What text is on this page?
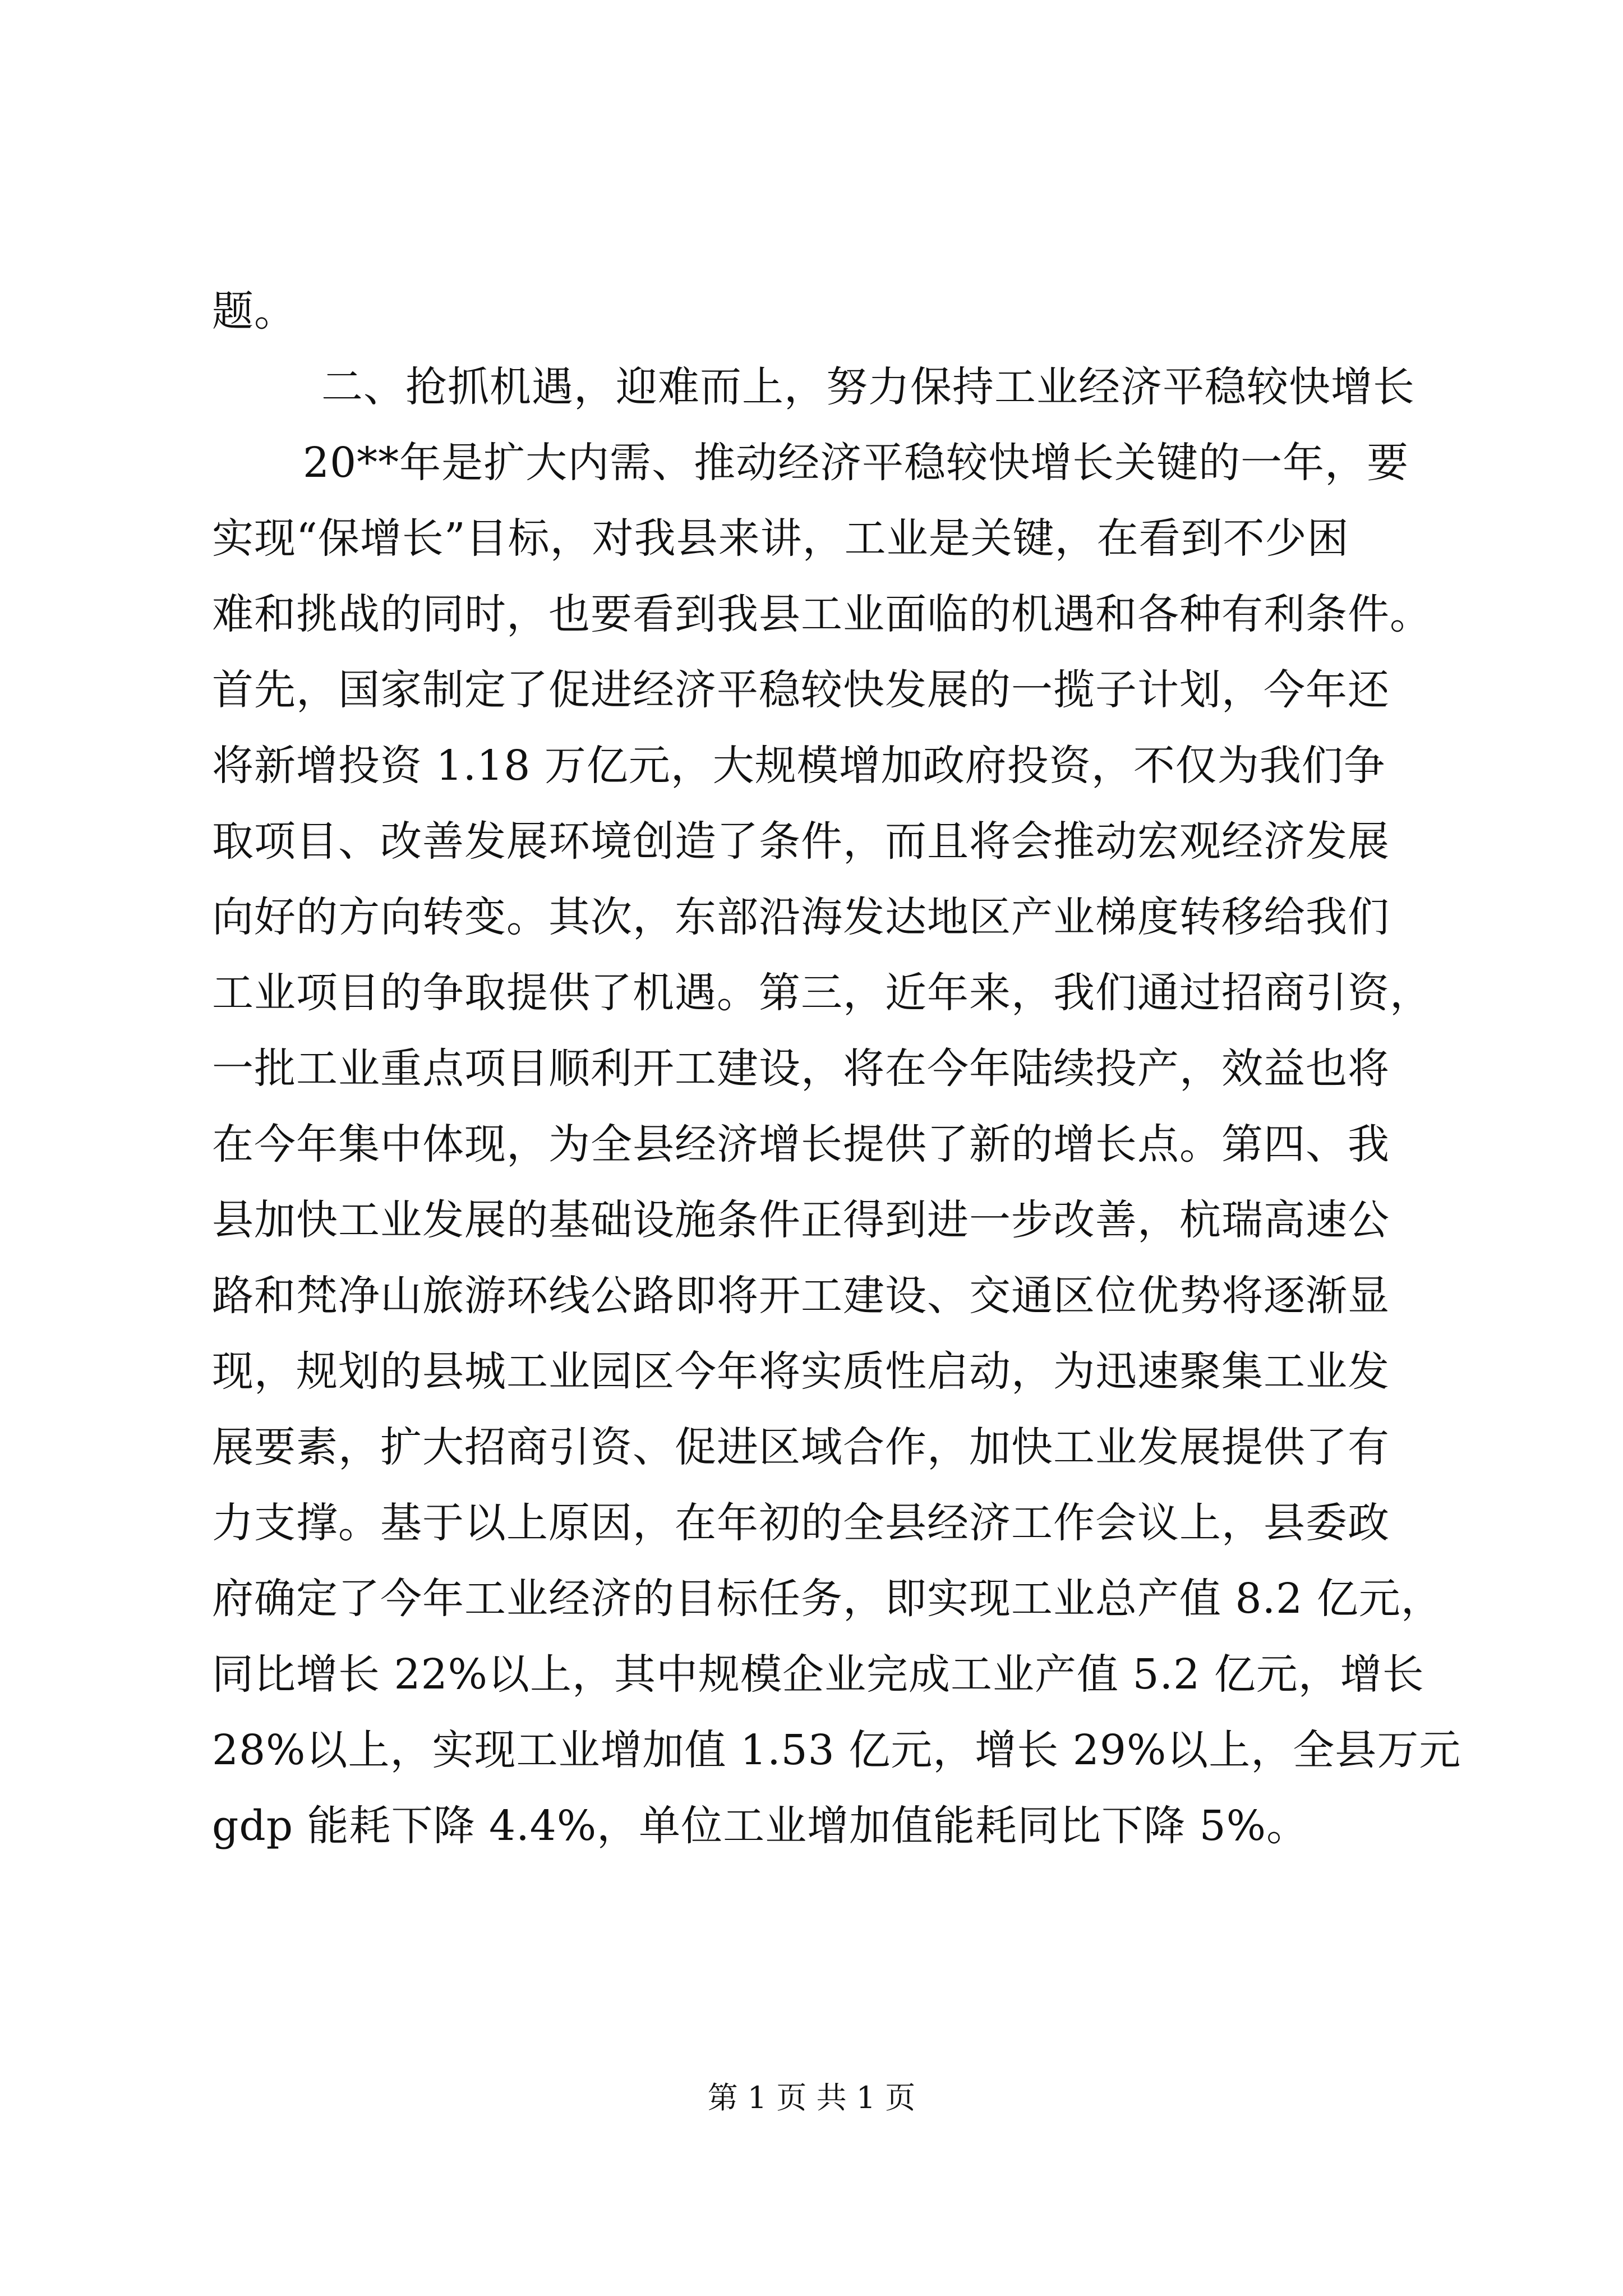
题。
二、抢抓机遇，迎难而上，努力保持工业经济平稳较快增长
20**年是扩大内需、推动经济平稳较快增长关键的一年，要
实现“保增长”目标，对我县来讲，工业是关键，在看到不少困
难和挑战的同时，也要看到我县工业面临的机遇和各种有利条件。
首先，国家制定了促进经济平稳较快发展的一揽子计划，今年还
将新增投资 1.18 万亿元，大规模增加政府投资，不仅为我们争
取项目、改善发展环境创造了条件，而且将会推动宏观经济发展
向好的方向转变。其次，东部沿海发达地区产业梯度转移给我们
工业项目的争取提供了机遇。第三，近年来，我们通过招商引资，
一批工业重点项目顺利开工建设，将在今年陆续投产，效益也将
在今年集中体现，为全县经济增长提供了新的增长点。第四、我
县加快工业发展的基础设施条件正得到进一步改善，杭瑞高速公
路和梵净山旅游环线公路即将开工建设、交通区位优势将逐渐显
现，规划的县城工业园区今年将实质性启动，为迅速聚集工业发
展要素，扩大招商引资、促进区域合作，加快工业发展提供了有
力支撑。基于以上原因，在年初的全县经济工作会议上，县委政
府确定了今年工业经济的目标任务，即实现工业总产值 8.2 亿元，
同比增长 22%以上，其中规模企业完成工业产值 5.2 亿元，增长
28%以上，实现工业增加值 1.53 亿元，增长 29%以上，全县万元
gdp 能耗下降 4.4%，单位工业增加值能耗同比下降 5%。
第 1 页 共 1 页
